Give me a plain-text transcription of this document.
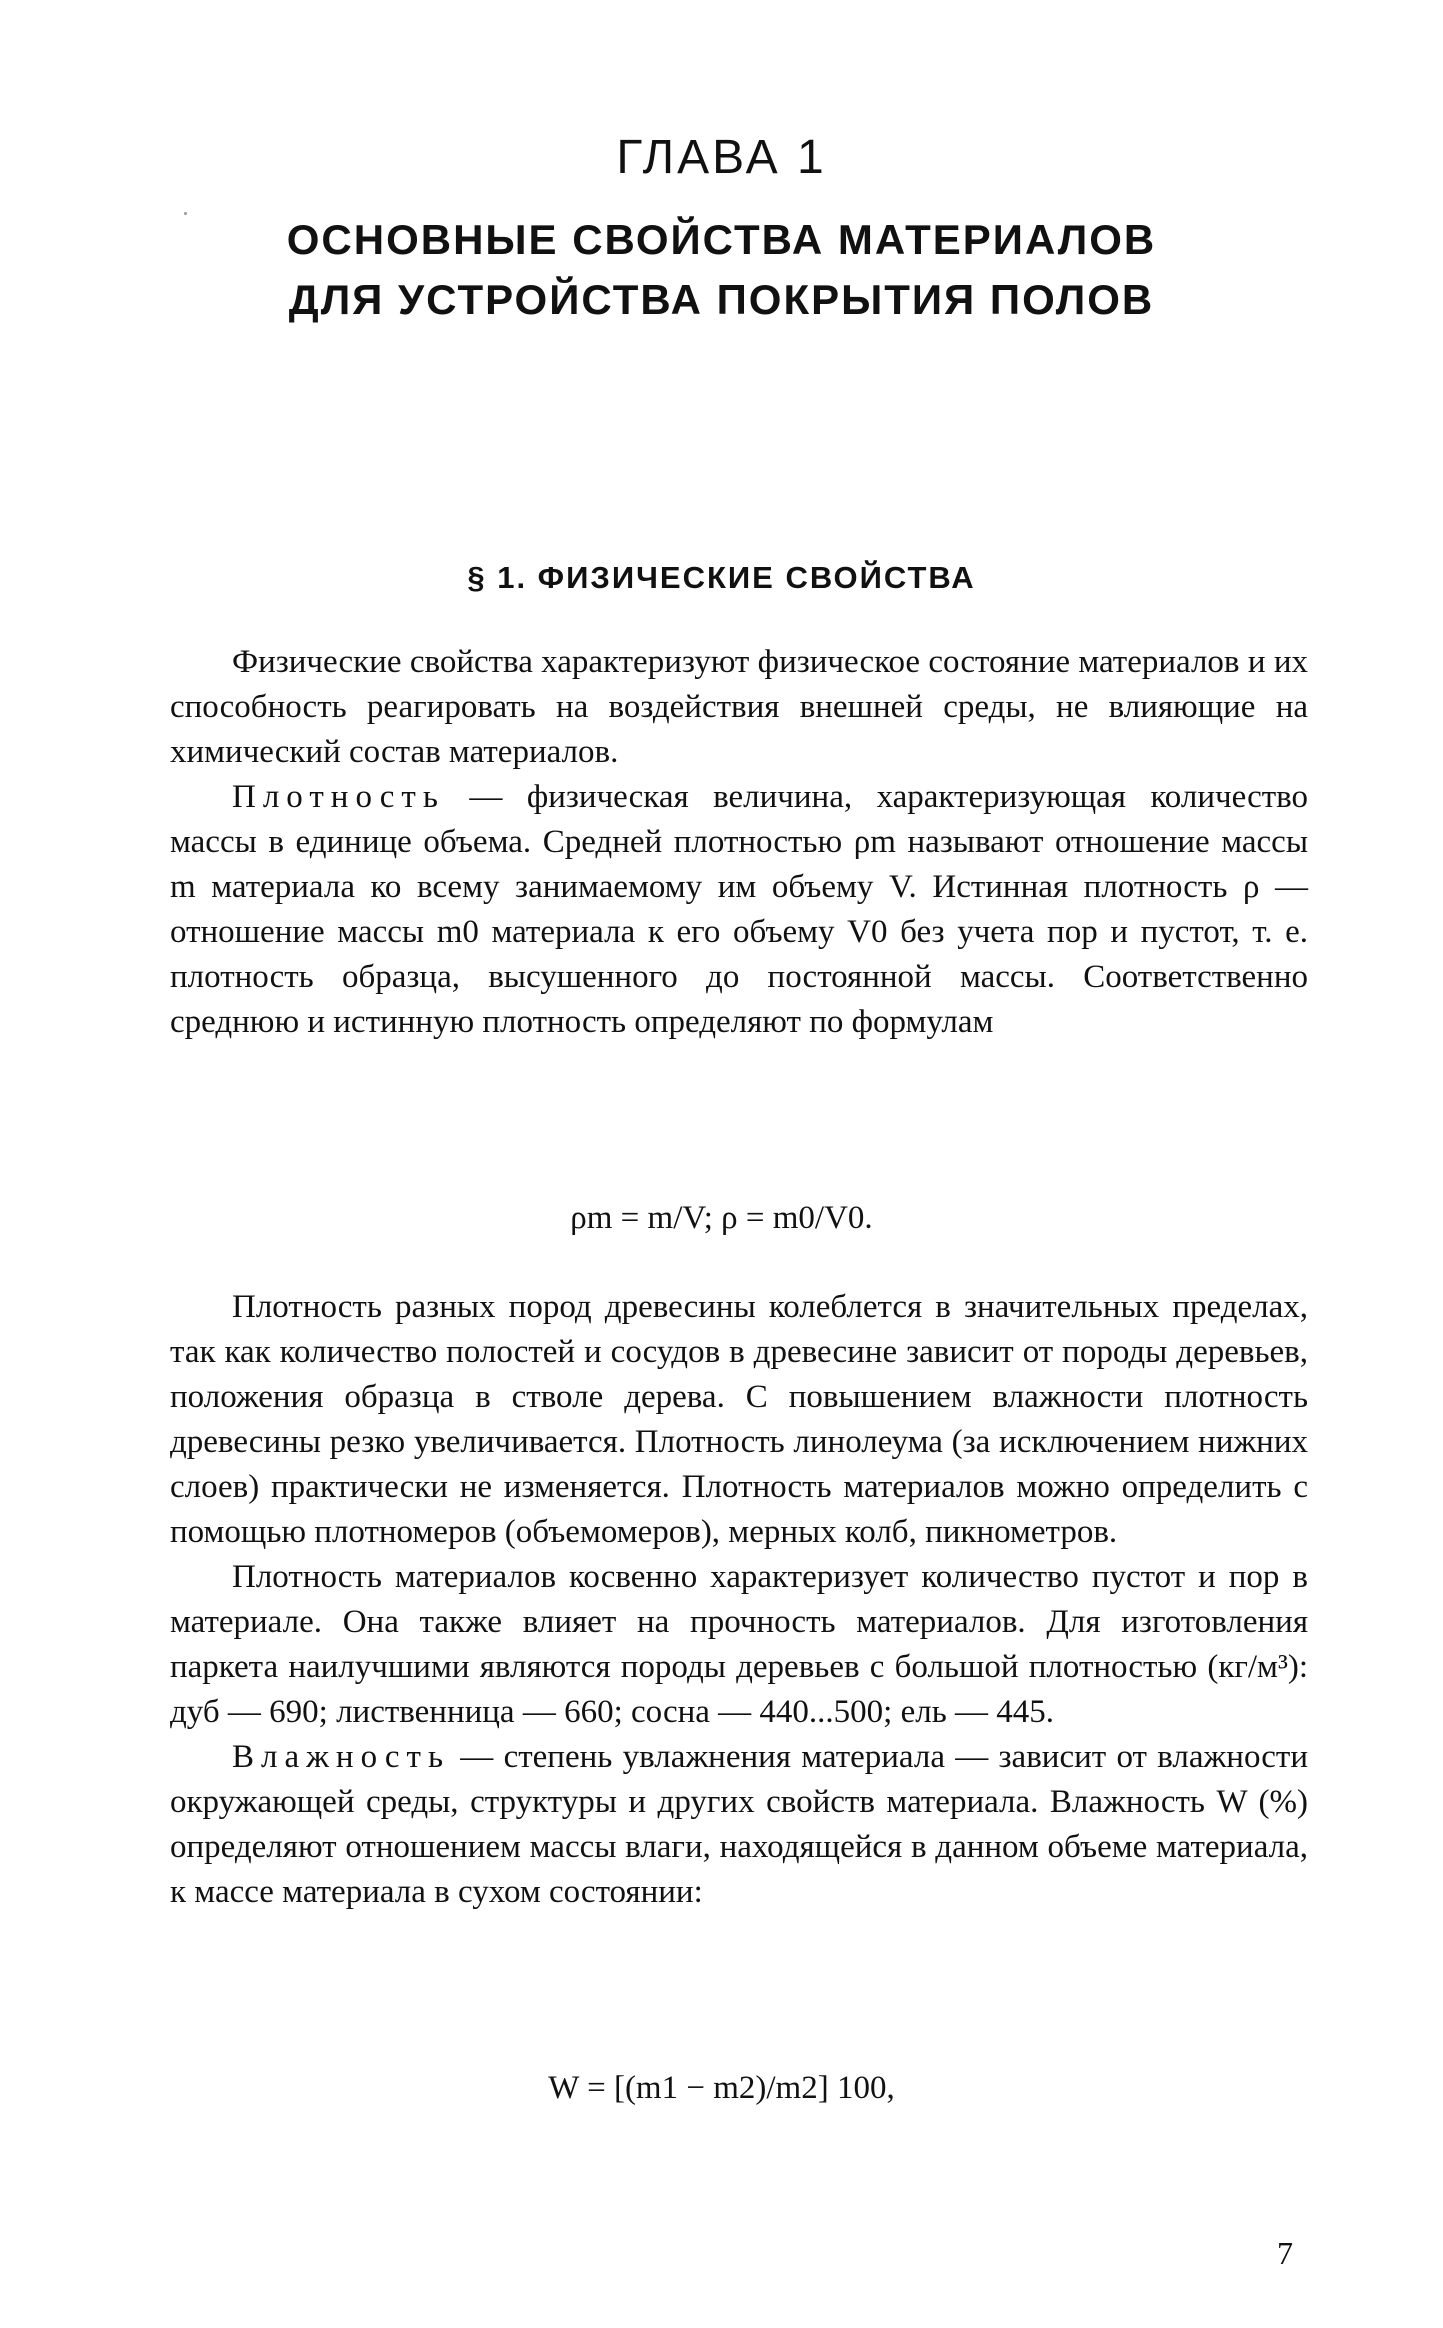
ГЛАВА 1
ОСНОВНЫЕ СВОЙСТВА МАТЕРИАЛОВ
ДЛЯ УСТРОЙСТВА ПОКРЫТИЯ ПОЛОВ
§ 1. ФИЗИЧЕСКИЕ СВОЙСТВА

Физические свойства характеризуют физическое состояние материалов и их способность реагировать на воздействия внешней среды, не влияющие на химический состав материалов.

Плотность — физическая величина, характеризующая количество массы в единице объема. Средней плотностью ρm называют отношение массы m материала ко всему занимаемому им объему V. Истинная плотность ρ — отношение массы m0 материала к его объему V0 без учета пор и пустот, т. е. плотность образца, высушенного до постоянной массы. Соответственно среднюю и истинную плотность определяют по формулам

ρm = m/V; ρ = m0/V0.

Плотность разных пород древесины колеблется в значительных пределах, так как количество полостей и сосудов в древесине зависит от породы деревьев, положения образца в стволе дерева. С повышением влажности плотность древесины резко увеличивается. Плотность линолеума (за исключением нижних слоев) практически не изменяется. Плотность материалов можно определить с помощью плотномеров (объемомеров), мерных колб, пикнометров.

Плотность материалов косвенно характеризует количество пустот и пор в материале. Она также влияет на прочность материалов. Для изготовления паркета наилучшими являются породы деревьев с большой плотностью (кг/м³): дуб — 690; лиственница — 660; сосна — 440...500; ель — 445.

Влажность — степень увлажнения материала — зависит от влажности окружающей среды, структуры и других свойств материала. Влажность W (%) определяют отношением массы влаги, находящейся в данном объеме материала, к массе материала в сухом состоянии:

W = [(m1 − m2)/m2] 100,
7
